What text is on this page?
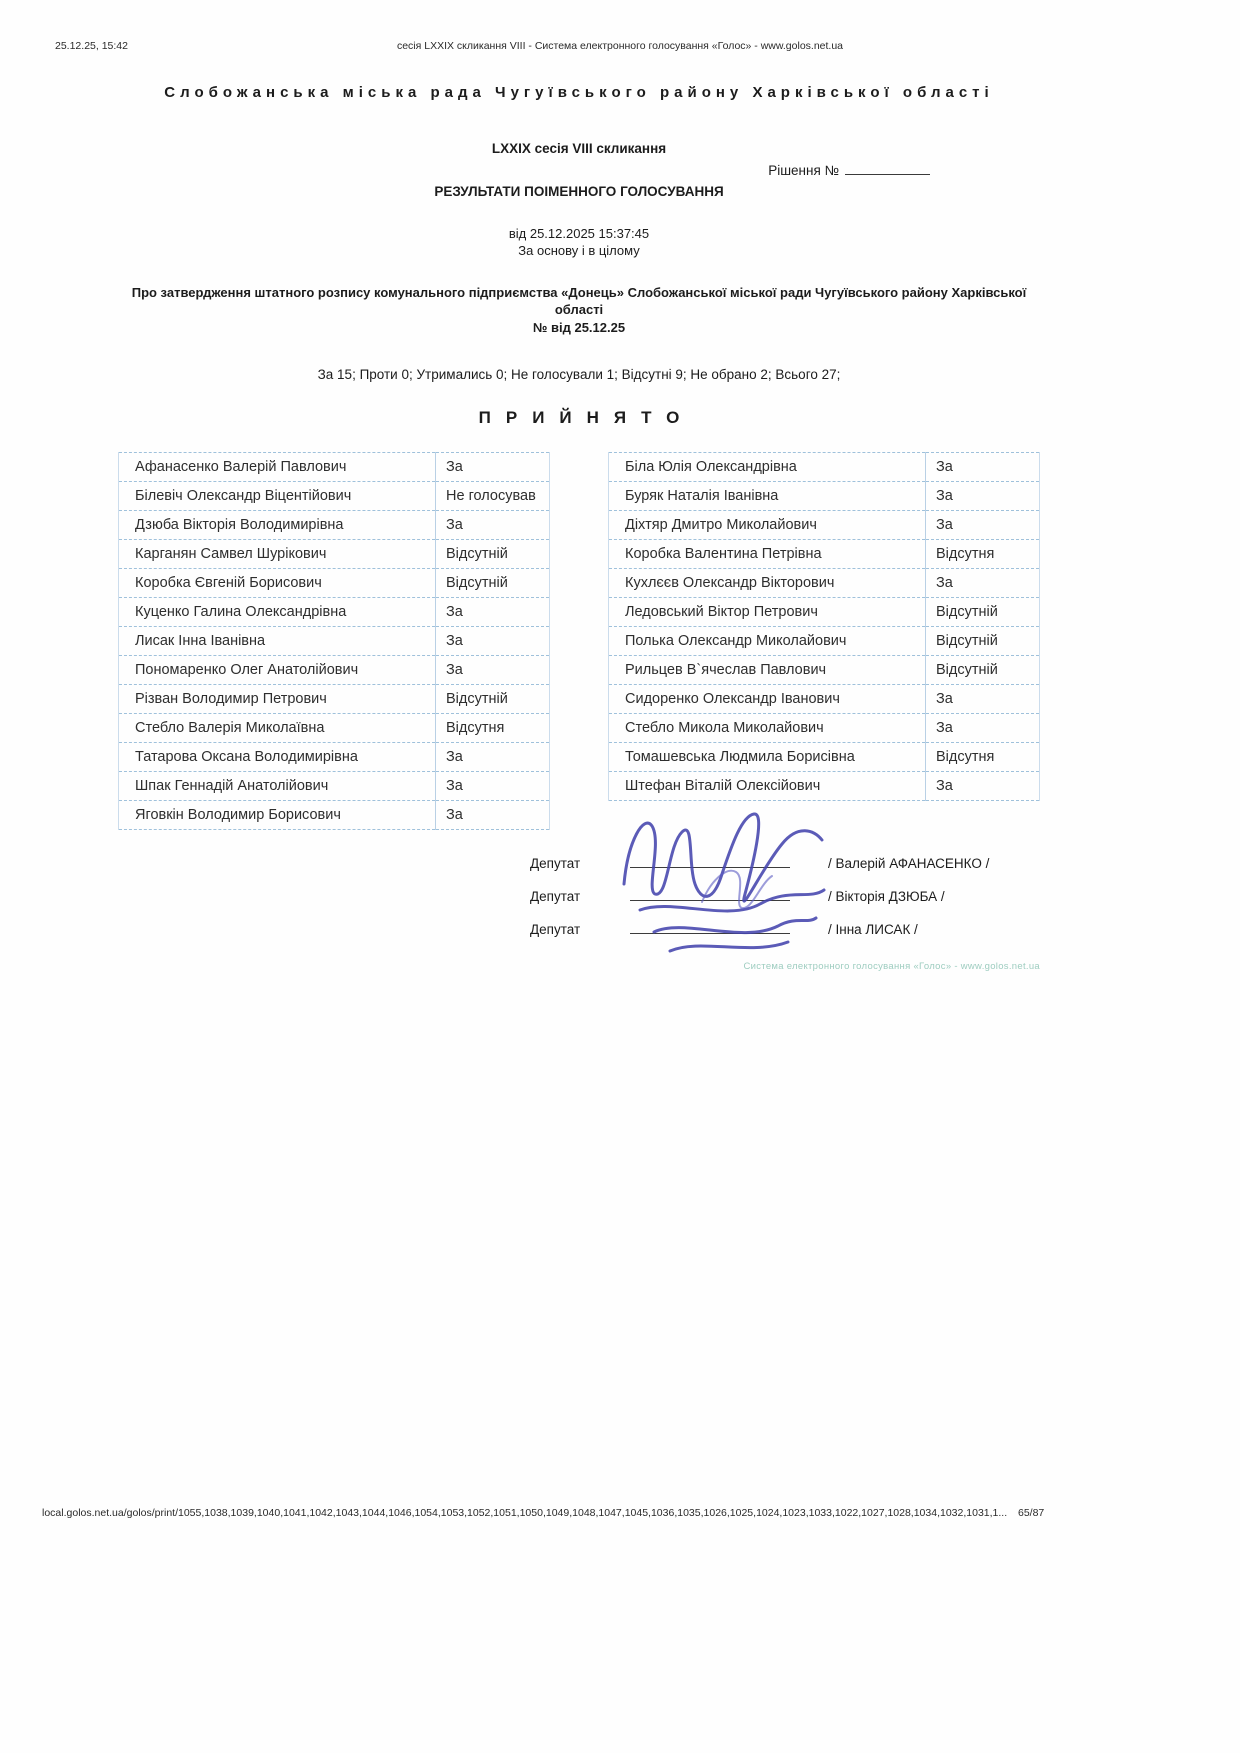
25.12.25, 15:42	сесія LXXIX скликання VIII - Система електронного голосування «Голос» - www.golos.net.ua
Слобожанська міська рада Чугуївського району Харківської області
LXXIX сесія VIII скликання
Рішення №
РЕЗУЛЬТАТИ ПОІМЕННОГО ГОЛОСУВАННЯ
від 25.12.2025 15:37:45
За основу і в цілому
Про затвердження штатного розпису комунального підприємства «Донець» Слобожанської міської ради Чугуївського району Харківської області
№ від 25.12.25
За 15; Проти 0; Утримались 0; Не голосували 1; Відсутні 9; Не обрано 2; Всього 27;
ПРИЙНЯТО
Афанасенко Валерій Павлович	За
Білевіч Олександр Віцентійович	Не голосував
Дзюба Вікторія Володимирівна	За
Карганян Самвел Шурікович	Відсутній
Коробка Євгеній Борисович	Відсутній
Куценко Галина Олександрівна	За
Лисак Інна Іванівна	За
Пономаренко Олег Анатолійович	За
Різван Володимир Петрович	Відсутній
Стебло Валерія Миколаївна	Відсутня
Татарова Оксана Володимирівна	За
Шпак Геннадій Анатолійович	За
Яговкін Володимир Борисович	За
Біла Юлія Олександрівна	За
Буряк Наталія Іванівна	За
Діхтяр Дмитро Миколайович	За
Коробка Валентина Петрівна	Відсутня
Кухлєєв Олександр Вікторович	За
Ледовський Віктор Петрович	Відсутній
Полька Олександр Миколайович	Відсутній
Рильцев В`ячеслав Павлович	Відсутній
Сидоренко Олександр Іванович	За
Стебло Микола Миколайович	За
Томашевська Людмила Борисівна	Відсутня
Штефан Віталій Олексійович	За
Депутат	/ Валерій АФАНАСЕНКО /
Депутат	/ Вікторія ДЗЮБА /
Депутат	/ Інна ЛИСАК /
Система електронного голосування «Голос» - www.golos.net.ua
local.golos.net.ua/golos/print/1055,1038,1039,1040,1041,1042,1043,1044,1046,1054,1053,1052,1051,1050,1049,1048,1047,1045,1036,1035,1026,1025,1024,1023,1033,1022,1027,1028,1034,1032,1031,1... 65/87
